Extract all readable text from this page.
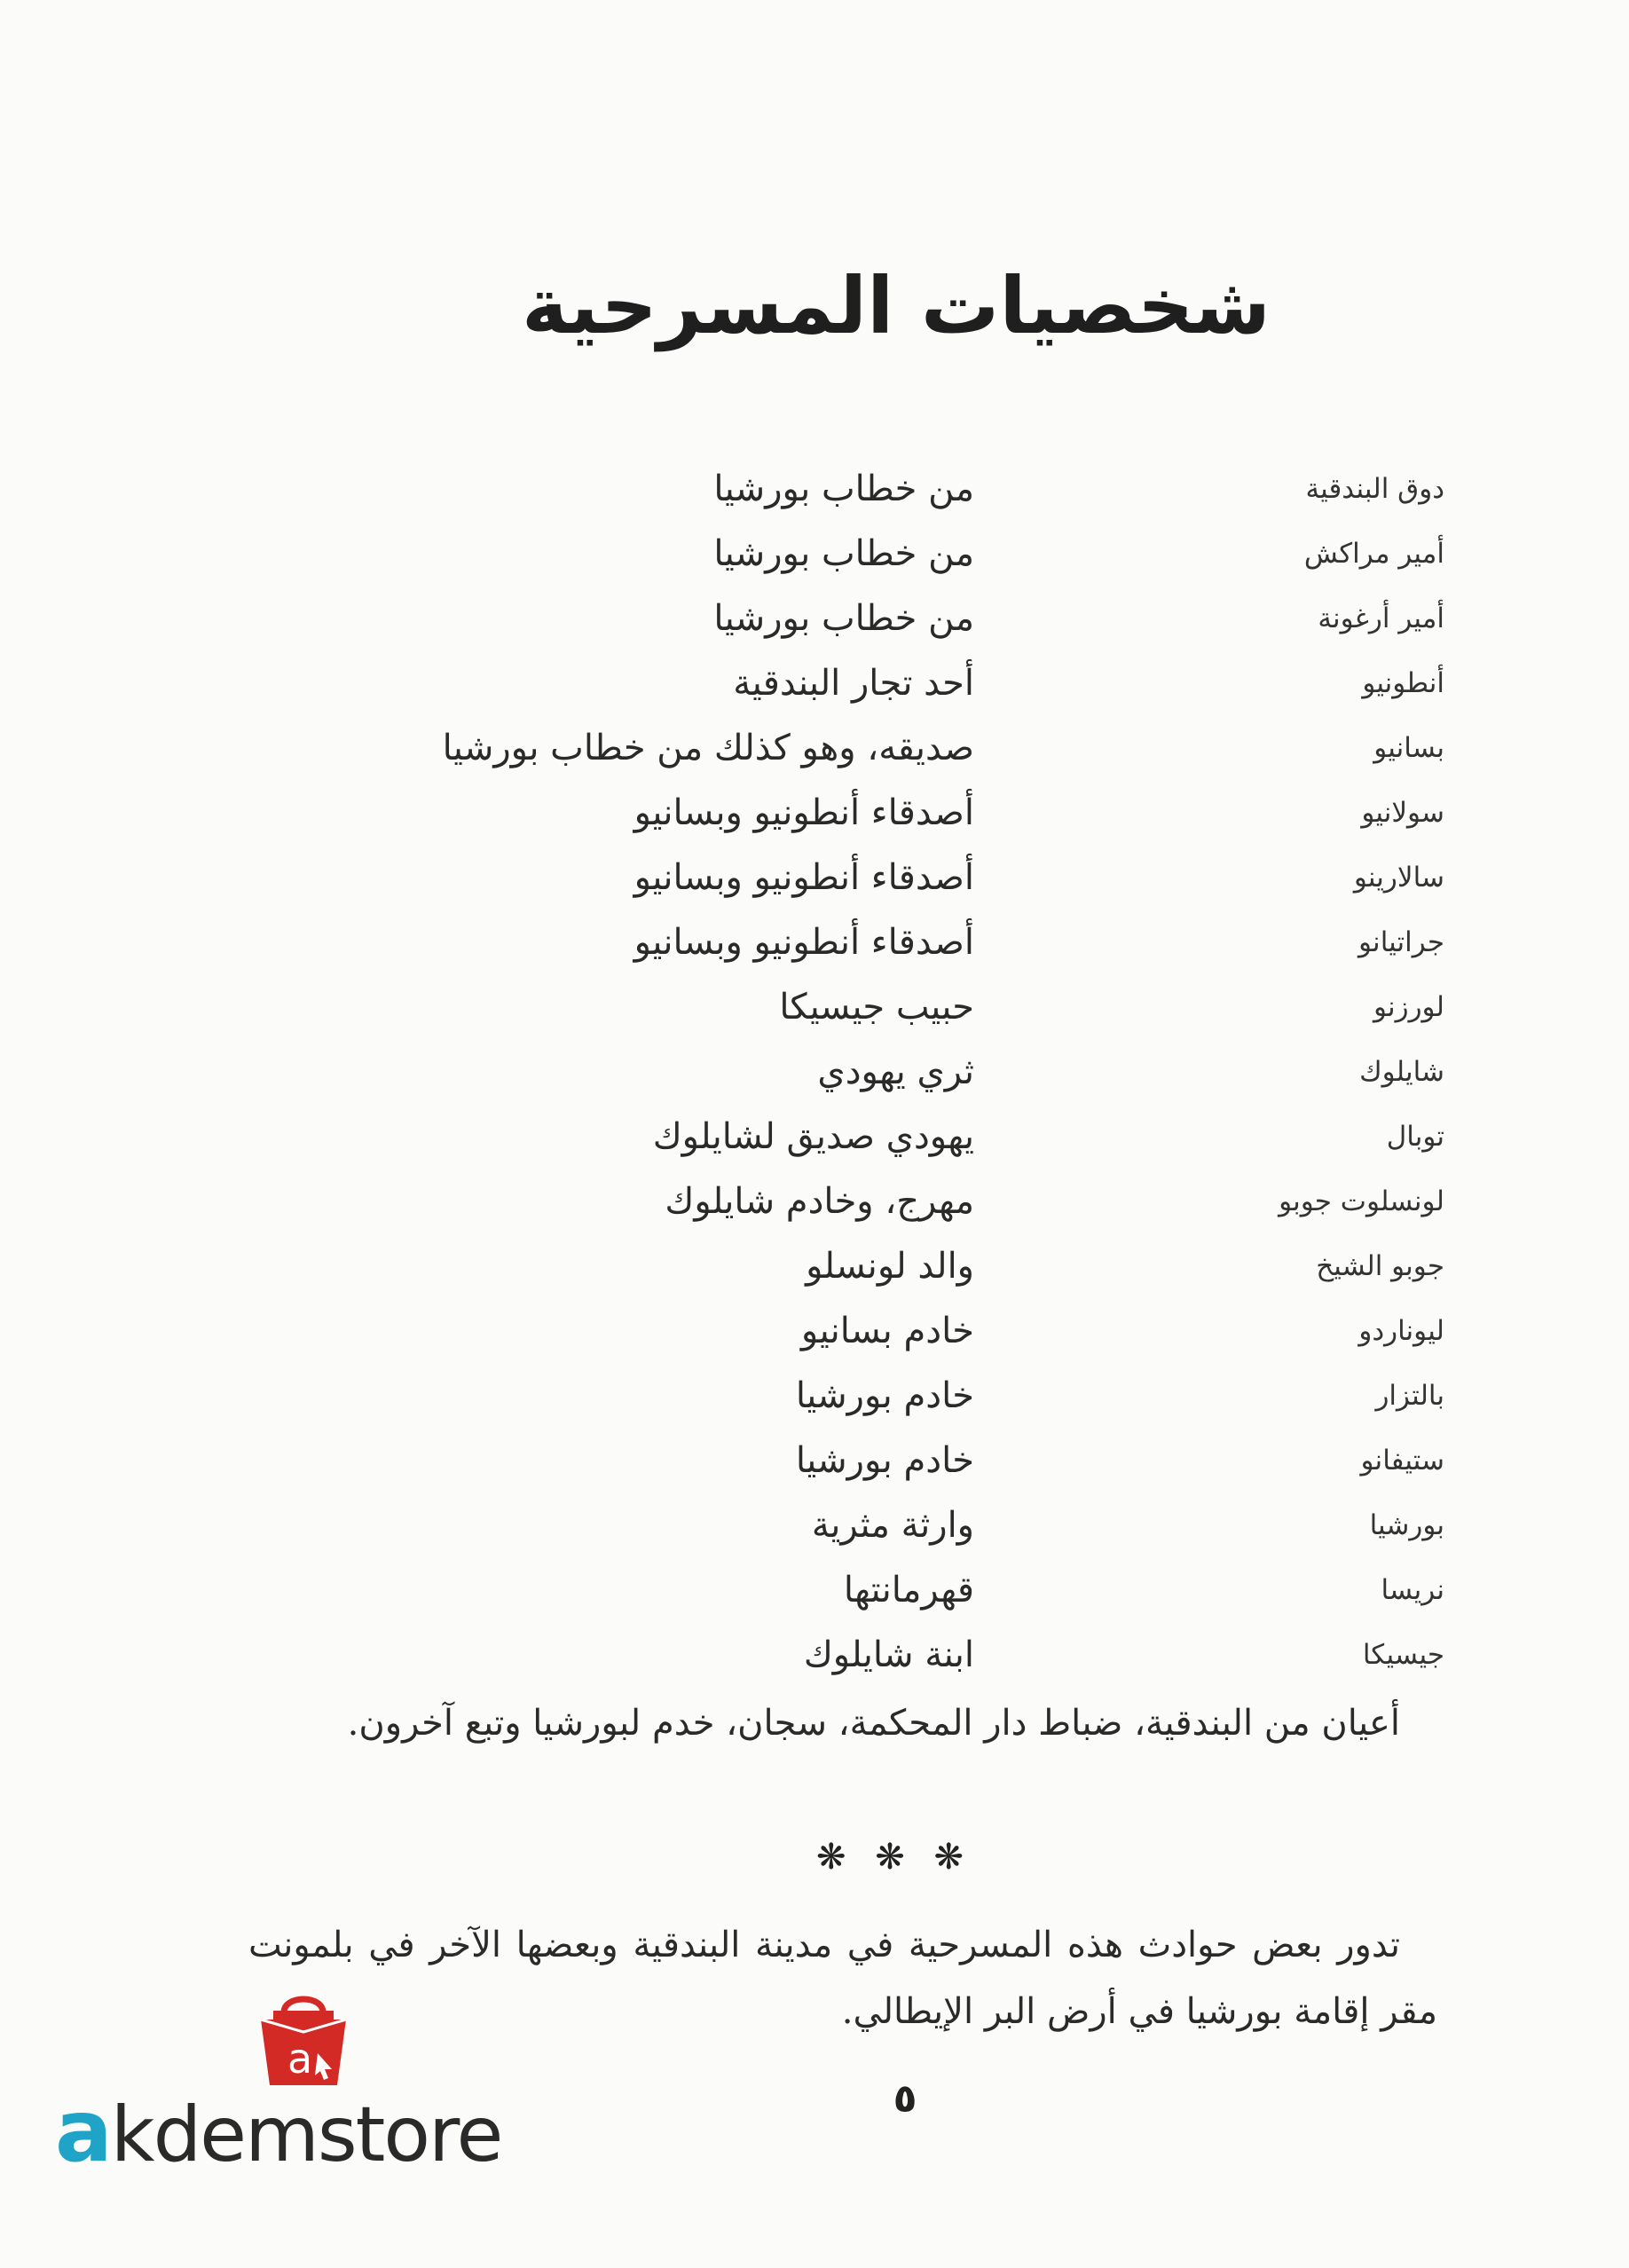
شخصيات المسرحية
دوق البندقية
من خطاب بورشيا
أمير مراكش
من خطاب بورشيا
أمير أرغونة
من خطاب بورشيا
أنطونيو
أحد تجار البندقية
بسانيو
صديقه، وهو كذلك من خطاب بورشيا
سولانيو
أصدقاء أنطونيو وبسانيو
سالارينو
أصدقاء أنطونيو وبسانيو
جراتيانو
أصدقاء أنطونيو وبسانيو
لورزنو
حبيب جيسيكا
شايلوك
ثري يهودي
توبال
يهودي صديق لشايلوك
لونسلوت جوبو
مهرج، وخادم شايلوك
جوبو الشيخ
والد لونسلو
ليوناردو
خادم بسانيو
بالتزار
خادم بورشيا
ستيفانو
خادم بورشيا
بورشيا
وارثة مثرية
نريسا
قهرمانتها
جيسيكا
ابنة شايلوك

أعيان من البندقية، ضباط دار المحكمة، سجان، خدم لبورشيا وتبع آخرون.

❋ ❋ ❋

تدور بعض حوادث هذه المسرحية في مدينة البندقية وبعضها الآخر في بلمونت مقر إقامة بورشيا في أرض البر الإيطالي.

٥
a
akdemstore
